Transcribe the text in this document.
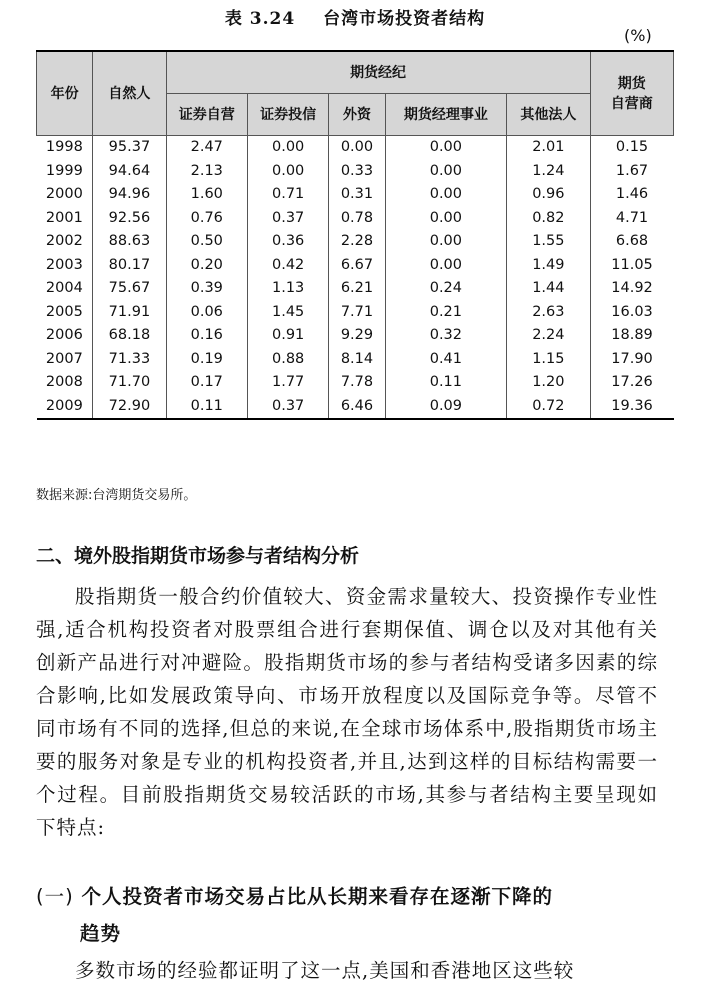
表 3.24 台湾市场投资者结构
(%)
年份	自然人	期货经纪					期货
自营商
		证券自营	证券投信	外资	期货经理事业	其他法人	
1998	95.37	2.47	0.00	0.00	0.00	2.01	0.15
1999	94.64	2.13	0.00	0.33	0.00	1.24	1.67
2000	94.96	1.60	0.71	0.31	0.00	0.96	1.46
2001	92.56	0.76	0.37	0.78	0.00	0.82	4.71
2002	88.63	0.50	0.36	2.28	0.00	1.55	6.68
2003	80.17	0.20	0.42	6.67	0.00	1.49	11.05
2004	75.67	0.39	1.13	6.21	0.24	1.44	14.92
2005	71.91	0.06	1.45	7.71	0.21	2.63	16.03
2006	68.18	0.16	0.91	9.29	0.32	2.24	18.89
2007	71.33	0.19	0.88	8.14	0.41	1.15	17.90
2008	71.70	0.17	1.77	7.78	0.11	1.20	17.26
2009	72.90	0.11	0.37	6.46	0.09	0.72	19.36
数据来源:台湾期货交易所。
二、境外股指期货市场参与者结构分析
股指期货一般合约价值较大、资金需求量较大、投资操作专业性强,适合机构投资者对股票组合进行套期保值、调仓以及对其他有关创新产品进行对冲避险。股指期货市场的参与者结构受诸多因素的综合影响,比如发展政策导向、市场开放程度以及国际竞争等。尽管不同市场有不同的选择,但总的来说,在全球市场体系中,股指期货市场主要的服务对象是专业的机构投资者,并且,达到这样的目标结构需要一个过程。目前股指期货交易较活跃的市场,其参与者结构主要呈现如下特点:
(一) 个人投资者市场交易占比从长期来看存在逐渐下降的
趋势
多数市场的经验都证明了这一点,美国和香港地区这些较
